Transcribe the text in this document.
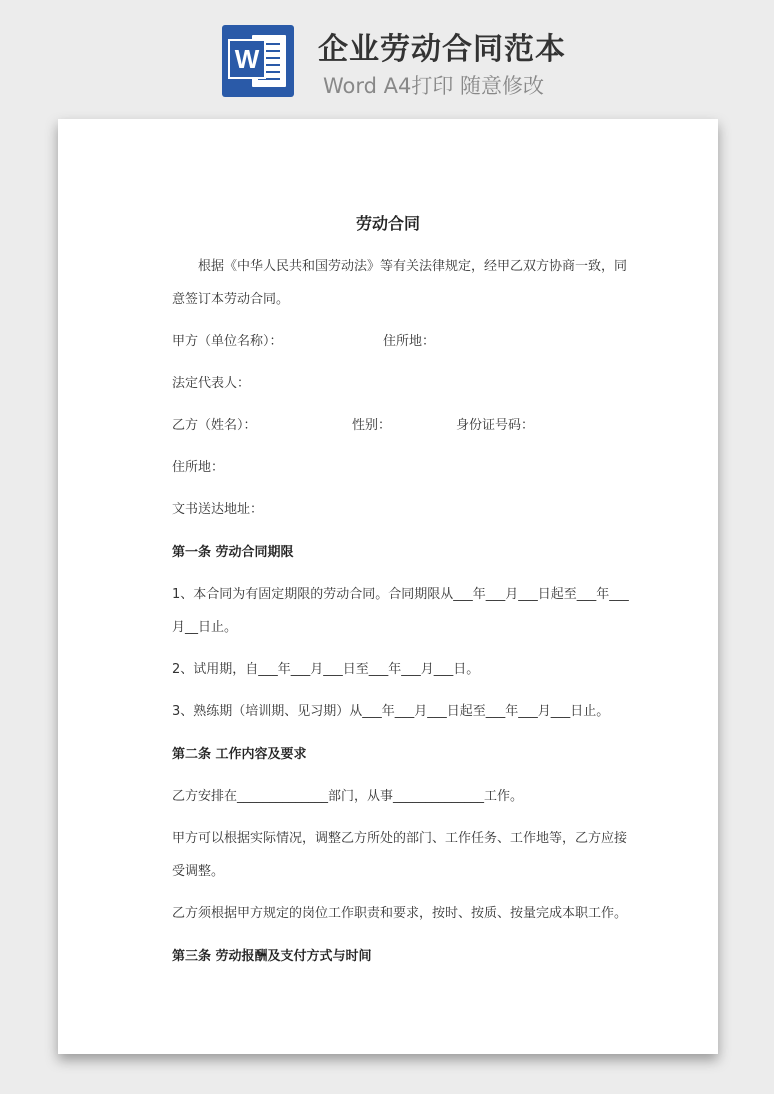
W 企业劳动合同范本
Word A4打印 随意修改
劳动合同
根据《中华人民共和国劳动法》等有关法律规定，经甲乙双方协商一致，同
意签订本劳动合同。
甲方（单位名称）：	住所地：
法定代表人：
乙方（姓名）：	性别：	身份证号码：
住所地：
文书送达地址：
第一条 劳动合同期限
1、本合同为有固定期限的劳动合同。合同期限从___年___月___日起至___年___
月__日止。
2、试用期，自___年___月___日至___年___月___日。
3、熟练期（培训期、见习期）从___年___月___日起至___年___月___日止。
第二条 工作内容及要求
乙方安排在______________部门，从事______________工作。
甲方可以根据实际情况，调整乙方所处的部门、工作任务、工作地等，乙方应接
受调整。
乙方须根据甲方规定的岗位工作职责和要求，按时、按质、按量完成本职工作。
第三条 劳动报酬及支付方式与时间
